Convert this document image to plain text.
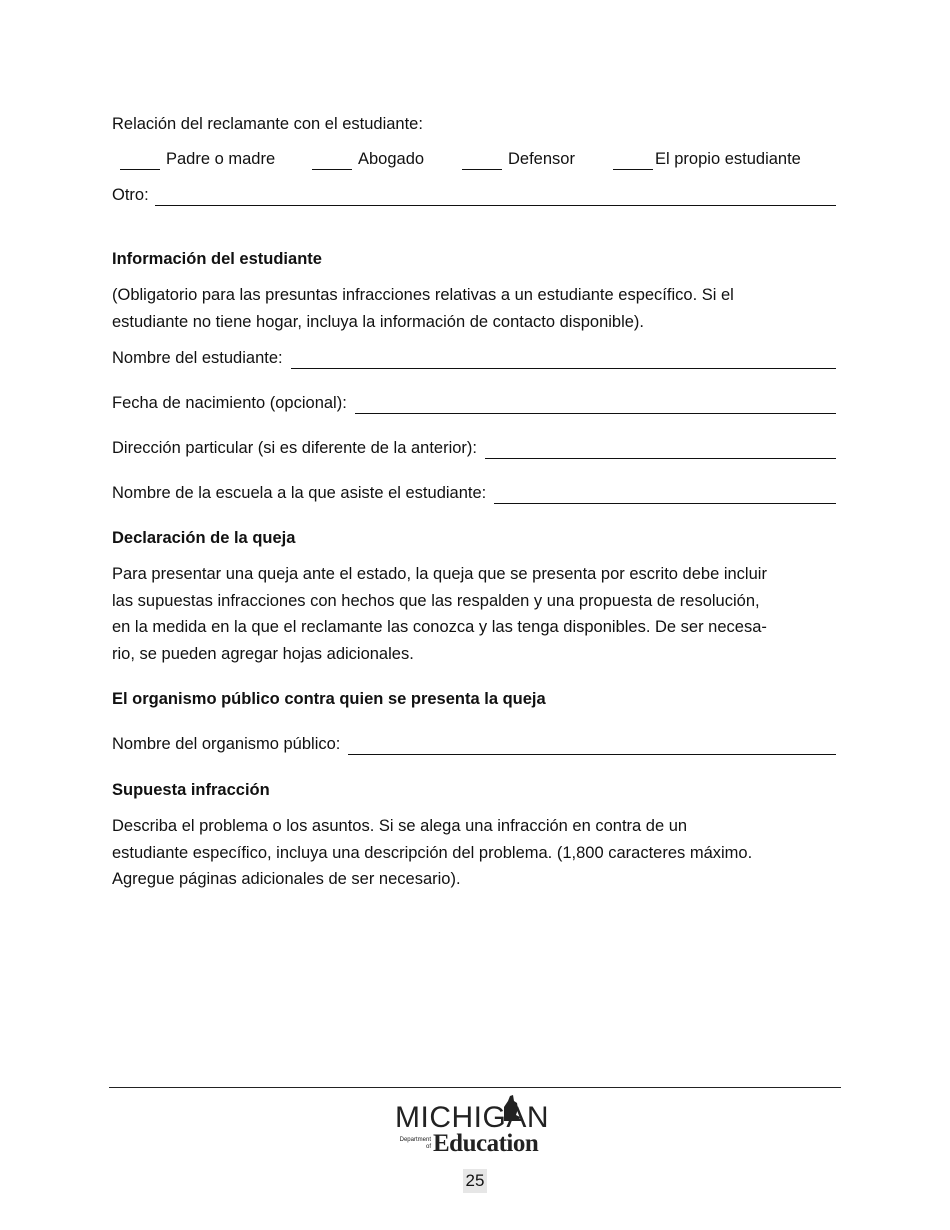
Relación del reclamante con el estudiante:
Padre o madre	Abogado	Defensor	El propio estudiante
Otro:
Información del estudiante
(Obligatorio para las presuntas infracciones relativas a un estudiante específico. Si el
estudiante no tiene hogar, incluya la información de contacto disponible).
Nombre del estudiante:
Fecha de nacimiento (opcional):
Dirección particular (si es diferente de la anterior):
Nombre de la escuela a la que asiste el estudiante:
Declaración de la queja
Para presentar una queja ante el estado, la queja que se presenta por escrito debe incluir
las supuestas infracciones con hechos que las respalden y una propuesta de resolución,
en la medida en la que el reclamante las conozca y las tenga disponibles. De ser necesa-
rio, se pueden agregar hojas adicionales.
El organismo público contra quien se presenta la queja
Nombre del organismo público:
Supuesta infracción
Describa el problema o los asuntos. Si se alega una infracción en contra de un
estudiante específico, incluya una descripción del problema. (1,800 caracteres máximo.
Agregue páginas adicionales de ser necesario).
MICHIGAN
Department
of Education
25
